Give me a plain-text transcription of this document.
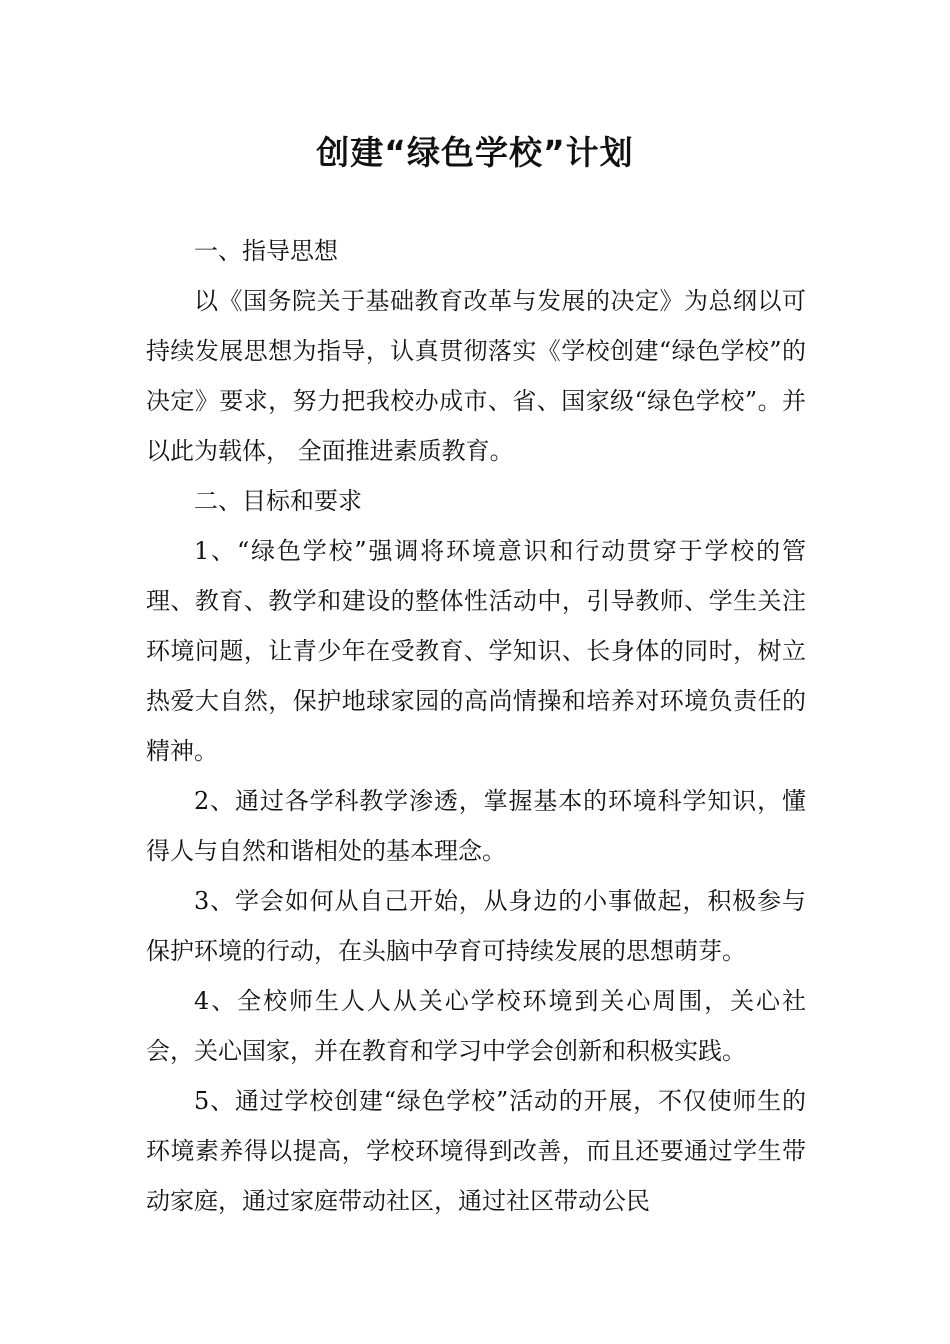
创建“绿色学校”计划

一、指导思想

以《国务院关于基础教育改革与发展的决定》为总纲以可持续发展思想为指导，认真贯彻落实《学校创建“绿色学校”的决定》要求，努力把我校办成市、省、国家级“绿色学校”。并以此为载体， 全面推进素质教育。

二、目标和要求

1、“绿色学校”强调将环境意识和行动贯穿于学校的管理、教育、教学和建设的整体性活动中，引导教师、学生关注环境问题，让青少年在受教育、学知识、长身体的同时，树立热爱大自然，保护地球家园的高尚情操和培养对环境负责任的精神。

2、通过各学科教学渗透，掌握基本的环境科学知识，懂得人与自然和谐相处的基本理念。

3、学会如何从自己开始，从身边的小事做起，积极参与保护环境的行动，在头脑中孕育可持续发展的思想萌芽。

4、全校师生人人从关心学校环境到关心周围，关心社会，关心国家，并在教育和学习中学会创新和积极实践。

5、通过学校创建“绿色学校”活动的开展，不仅使师生的环境素养得以提高，学校环境得到改善，而且还要通过学生带动家庭，通过家庭带动社区，通过社区带动公民
